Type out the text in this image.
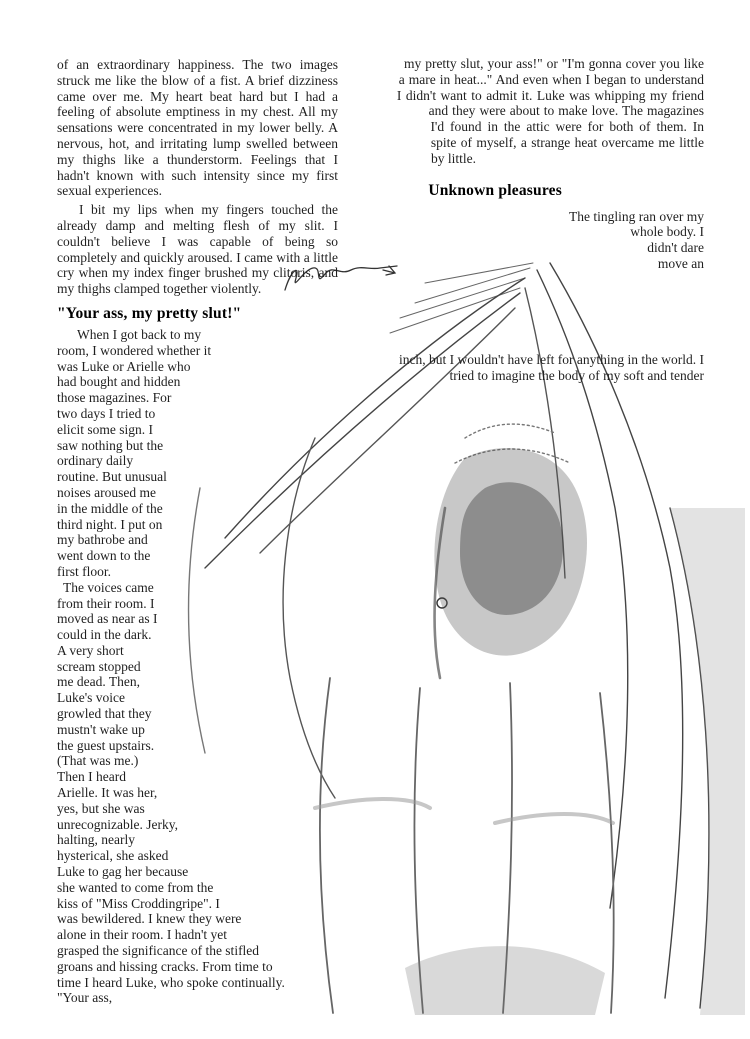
of an extraordinary happiness. The two images struck me like the blow of a fist. A brief dizziness came over me. My heart beat hard but I had a feeling of absolute emptiness in my chest. All my sensations were concentrated in my lower belly. A nervous, hot, and irritating lump swelled between my thighs like a thunderstorm. Feelings that I hadn't known with such intensity since my first sexual experiences.

I bit my lips when my fingers touched the already damp and melting flesh of my slit. I couldn't believe I was capable of being so completely and quickly aroused. I came with a little cry when my index finger brushed my clitoris, and my thighs clamped together violently.

"Your ass, my pretty slut!"

When I got back to my room, I wondered whether it was Luke or Arielle who had bought and hidden those magazines. For two days I tried to elicit some sign. I saw nothing but the ordinary daily routine. But unusual noises aroused me in the middle of the third night. I put on my bathrobe and went down to the first floor.

The voices came from their room. I moved as near as I could in the dark. A very short scream stopped me dead. Then, Luke's voice growled that they mustn't wake up the guest upstairs. (That was me.) Then I heard Arielle. It was her, yes, but she was unrecognizable. Jerky, halting, nearly hysterical, she asked Luke to gag her because she wanted to come from the kiss of "Miss Croddingripe". I was bewildered. I knew they were alone in their room. I hadn't yet grasped the significance of the stifled groans and hissing cracks. From time to time I heard Luke, who spoke continually. "Your ass,

my pretty slut, your ass!" or "I'm gonna cover you like a mare in heat..." And even when I began to understand I didn't want to admit it. Luke was whipping my friend and they were about to make love. The magazines I'd found in the attic were for both of them. In spite of myself, a strange heat overcame me little by little.

Unknown pleasures

The tingling ran over my whole body. I didn't dare move an inch, but I wouldn't have left for anything in the world. I tried to imagine the body of my soft and tender
